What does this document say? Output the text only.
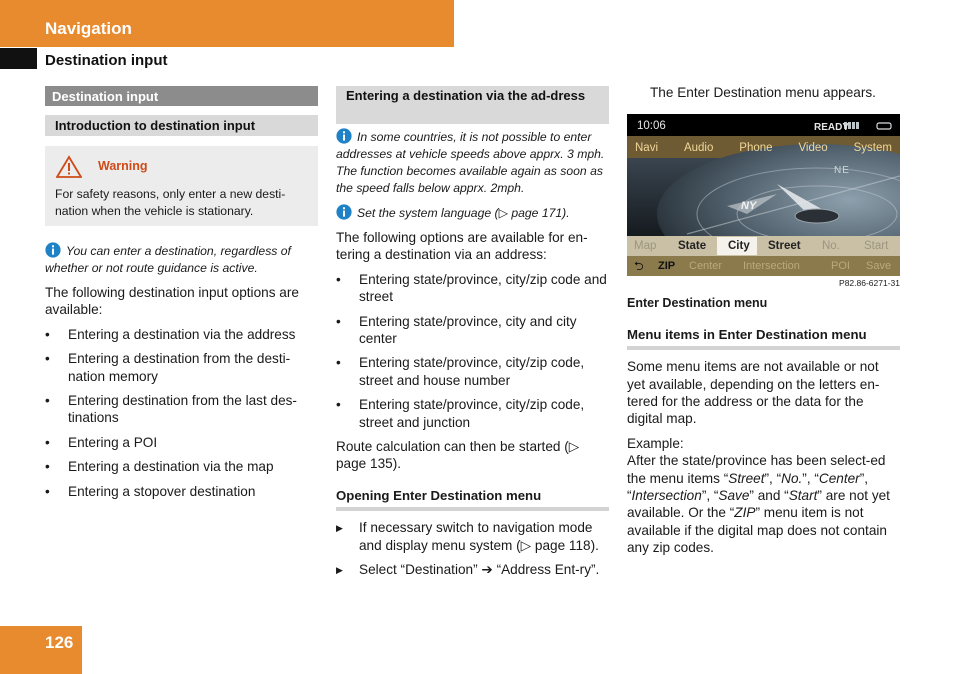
Navigation
Destination input
Destination input
Introduction to destination input
Warning

For safety reasons, only enter a new desti-nation when the vehicle is stationary.

You can enter a destination, regardless of whether or not route guidance is active.

The following destination input options are available:

• Entering a destination via the address
• Entering a destination from the desti-nation memory
• Entering destination from the last des-tinations
• Entering a POI
• Entering a destination via the map
• Entering a stopover destination
Entering a destination via the ad-dress

In some countries, it is not possible to enter addresses at vehicle speeds above apprx. 3 mph. The function becomes available again as soon as the speed falls below apprx. 2mph.

Set the system language (▷ page 171).

The following options are available for en-tering a destination via an address:

• Entering state/province, city/zip code and street
• Entering state/province, city and city center
• Entering state/province, city/zip code, street and house number
• Entering state/province, city/zip code, street and junction

Route calculation can then be started (▷ page 135).

Opening Enter Destination menu
▶ If necessary switch to navigation mode and display menu system (▷ page 118).
▶ Select “Destination” ➔ “Address Ent-ry”.

The Enter Destination menu appears.

10:06	READY
Navi Audio Phone Video System
NE
NY
Map State City Street No. Start
⮌ ZIP Center Intersection	POI Save
P82.86-6271-31
Enter Destination menu
Menu items in Enter Destination menu

Some menu items are not available or not yet available, depending on the letters en-tered for the address or the data for the digital map.

Example:

After the state/province has been select-ed the menu items “Street”, “No.”, “Center”, “Intersection”, “Save” and “Start” are not yet available. Or the “ZIP” menu item is not available if the digital map does not contain any zip codes.

126
